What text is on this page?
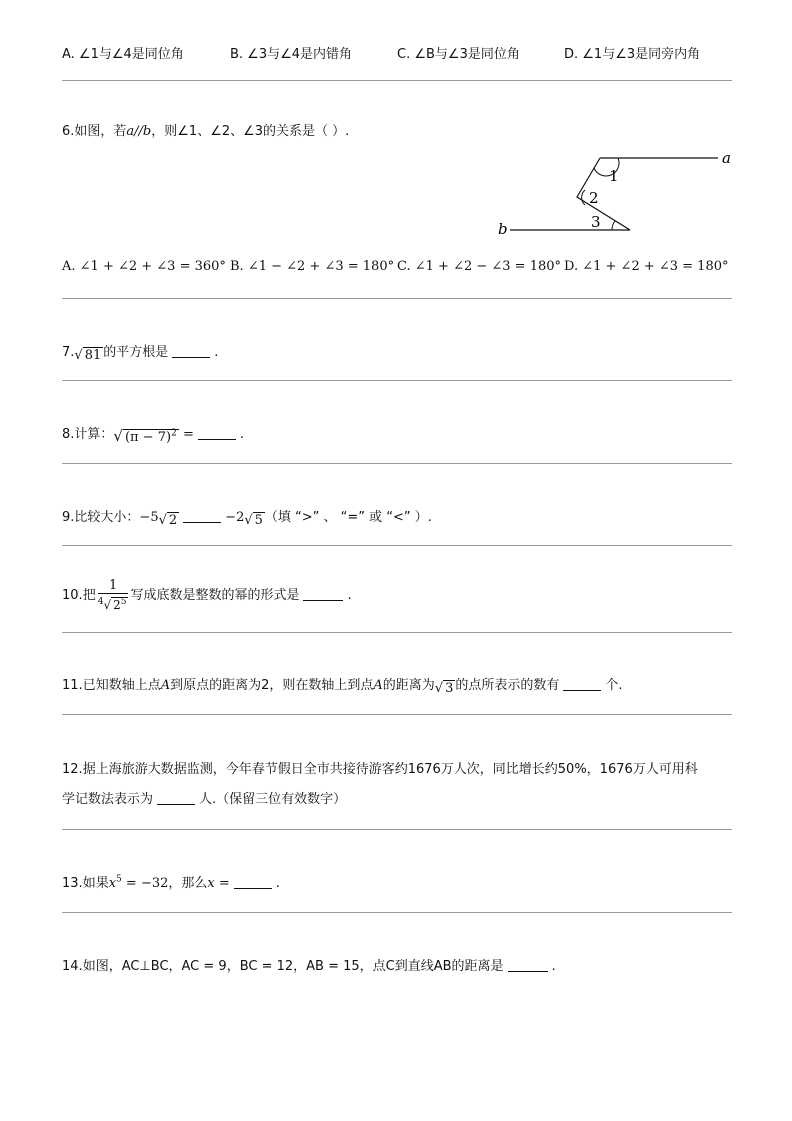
A. ∠1与∠4是同位角	B. ∠3与∠4是内错角	C. ∠B与∠3是同位角	D. ∠1与∠3是同旁内角
6.如图，若a//b，则∠1、∠2、∠3的关系是（ ）.
a
b
1
2
3
A. ∠1 + ∠2 + ∠3 = 360° B. ∠1 − ∠2 + ∠3 = 180° C. ∠1 + ∠2 − ∠3 = 180° D. ∠1 + ∠2 + ∠3 = 180°
7.√ 81 的平方根是	.
8.计算：√ $(\pi - 7)^2$ =	.
9.比较大小：−5√ 2	−2√ 5 （填 “>” 、 “=” 或 “<” ）.
10.把 $\frac{1}{^4√ 2^5}$ 写成底数是整数的幂的形式是	.
11.已知数轴上点A到原点的距离为2，则在数轴上到点A的距离为√ 3 的点所表示的数有	个.
12.据上海旅游大数据监测，今年春节假日全市共接待游客约1676万人次，同比增长约50%，1676万人可用科
学记数法表示为	人.（保留三位有效数字）
13.如果$x^5 = -32$，那么x =	.
14.如图，AC⊥BC，AC = 9，BC = 12，AB = 15，点C到直线AB的距离是	.
